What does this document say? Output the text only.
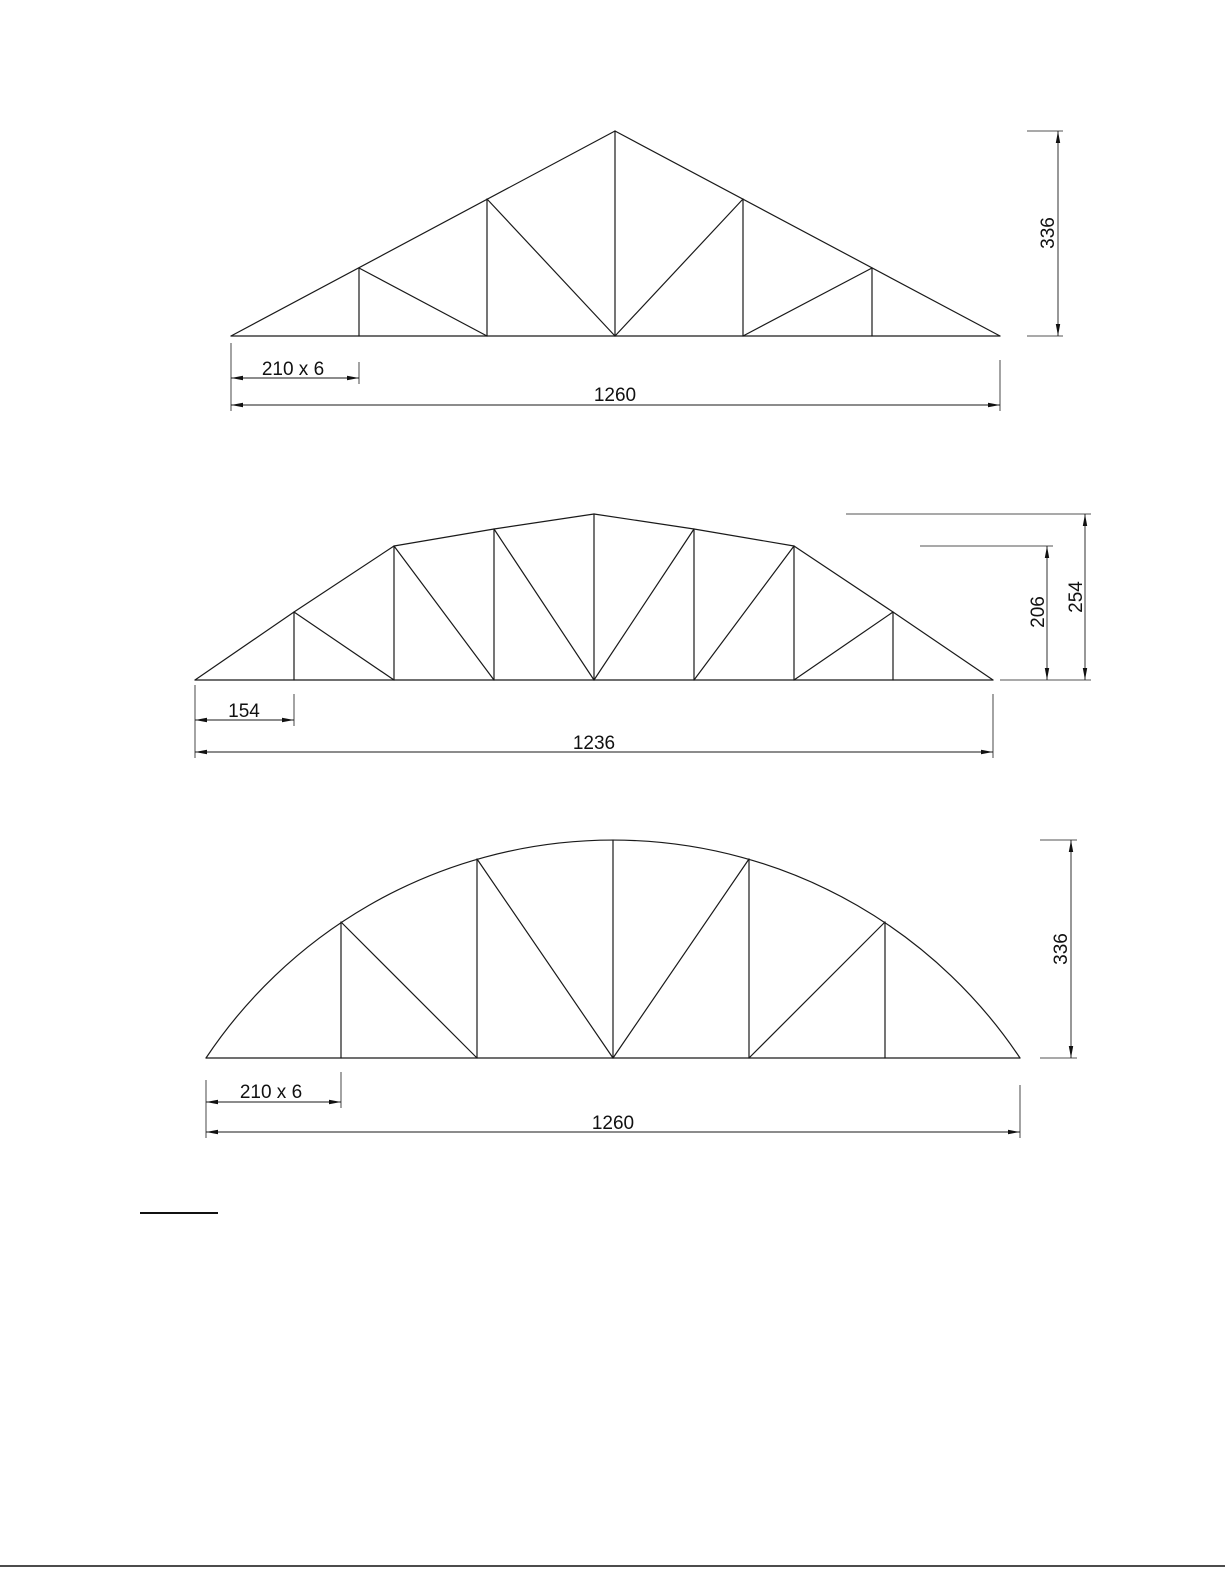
336
210 x 6
1260
254
206
154
1236
336
210 x 6
1260
